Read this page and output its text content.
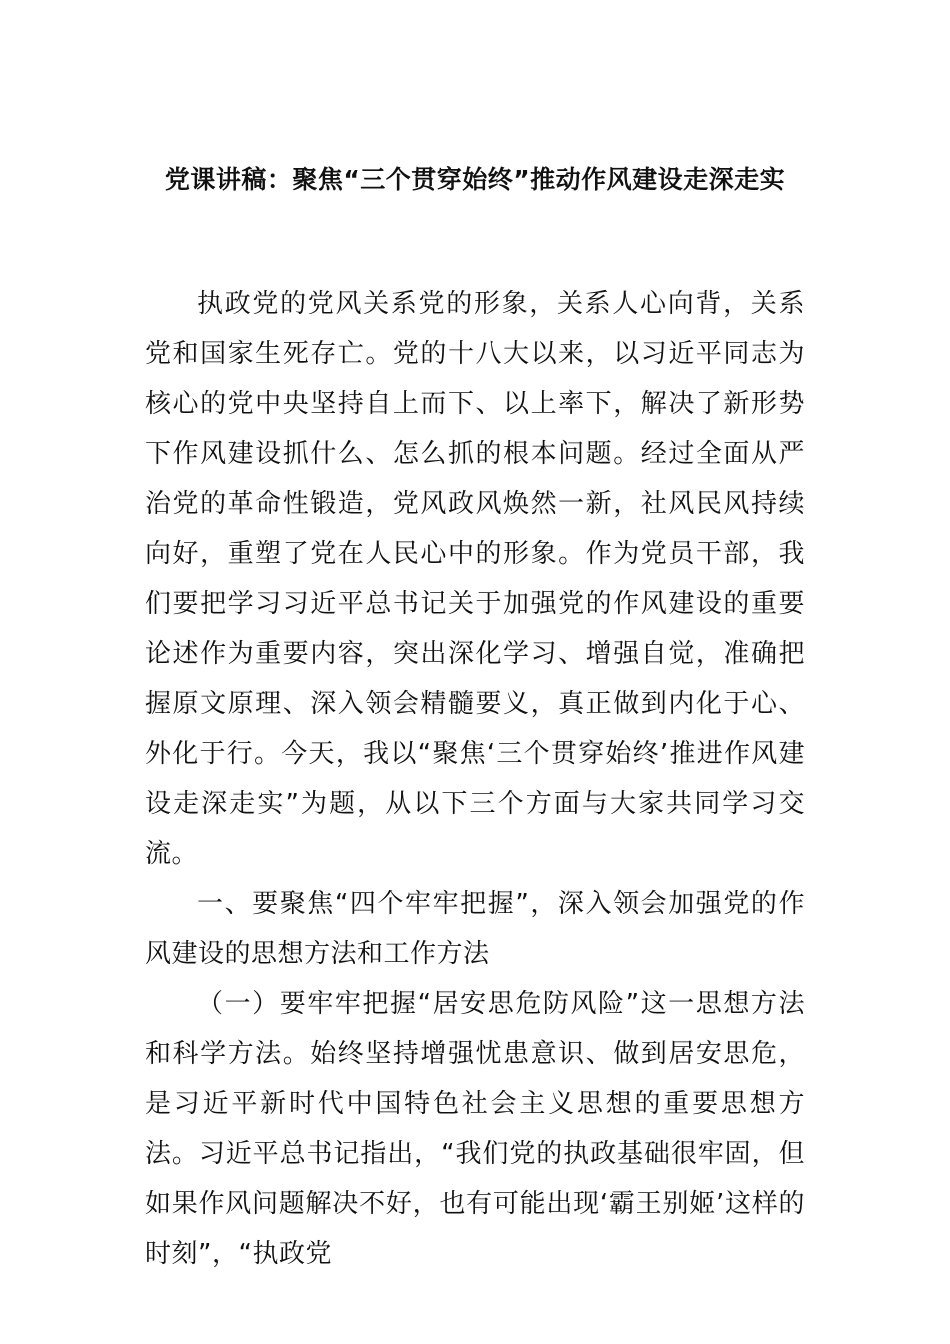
党课讲稿：聚焦“三个贯穿始终”推动作风建设走深走实

执政党的党风关系党的形象，关系人心向背，关系党和国家生死存亡。党的十八大以来，以习近平同志为核心的党中央坚持自上而下、以上率下，解决了新形势下作风建设抓什么、怎么抓的根本问题。经过全面从严治党的革命性锻造，党风政风焕然一新，社风民风持续向好，重塑了党在人民心中的形象。作为党员干部，我们要把学习习近平总书记关于加强党的作风建设的重要论述作为重要内容，突出深化学习、增强自觉，准确把握原文原理、深入领会精髓要义，真正做到内化于心、外化于行。今天，我以“聚焦‘三个贯穿始终’推进作风建设走深走实”为题，从以下三个方面与大家共同学习交流。

一、要聚焦“四个牢牢把握”，深入领会加强党的作风建设的思想方法和工作方法

（一）要牢牢把握“居安思危防风险”这一思想方法和科学方法。始终坚持增强忧患意识、做到居安思危，是习近平新时代中国特色社会主义思想的重要思想方法。习近平总书记指出，“我们党的执政基础很牢固，但如果作风问题解决不好，也有可能出现‘霸王别姬’这样的时刻”，“执政党
